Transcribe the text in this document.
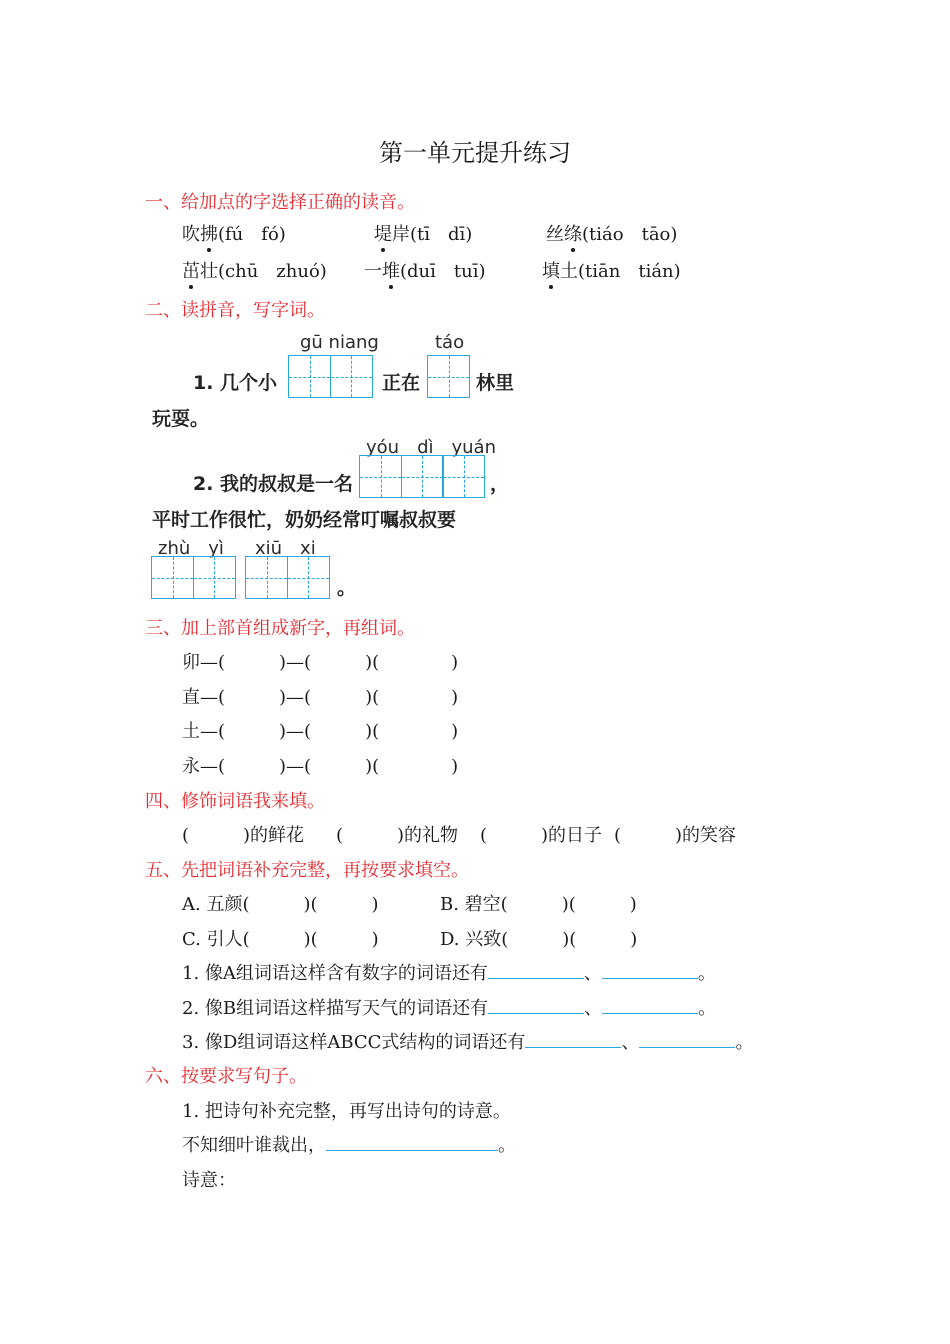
第一单元提升练习
一、给加点的字选择正确的读音。
吹拂(fú　fó)	堤岸(tī　dī)	丝绦(tiáo　tāo)
茁壮(chū　zhuó) 一堆(duī　tuī)	填土(tiān　tián)
二、读拼音，写字词。
gū niang	táo
1. 几个小	正在	林里
玩耍。
yóu　dì　yuán
2. 我的叔叔是一名	，
平时工作很忙，奶奶经常叮嘱叔叔要
zhù　yì xiū　xi
。
三、加上部首组成新字，再组词。
卯—(　　　)—(　　　)(　　　　)
直—(　　　)—(　　　)(　　　　)
土—(　　　)—(　　　)(　　　　)
永—(　　　)—(　　　)(　　　　)
四、修饰词语我来填。
(　　　)的鲜花 (　　　)的礼物 (　　　)的日子 (　　　)的笑容
五、先把词语补充完整，再按要求填空。
A. 五颜(　　　)(　　　)	B. 碧空(　　　)(　　　)
C. 引人(　　　)(　　　)	D. 兴致(　　　)(　　　)
1. 像A组词语这样含有数字的词语还有	、	。
2. 像B组词语这样描写天气的词语还有	、	。
3. 像D组词语这样ABCC式结构的词语还有	、	。
六、按要求写句子。
1. 把诗句补充完整，再写出诗句的诗意。
不知细叶谁裁出，	。
诗意：
